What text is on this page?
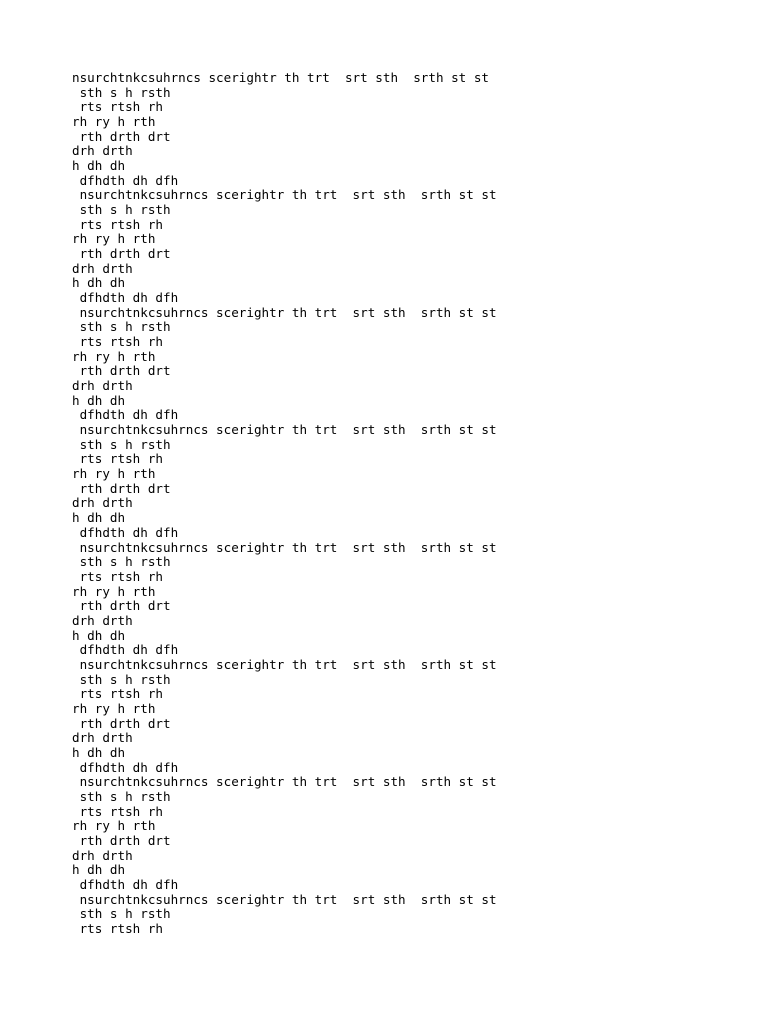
nsurchtnkcsuhrncs scerightr th trt  srt sth  srth st st
sth s h rsth
rts rtsh rh
rh ry h rth
rth drth drt
drh drth
h dh dh
dfhdth dh dfh
nsurchtnkcsuhrncs scerightr th trt  srt sth  srth st st
sth s h rsth
rts rtsh rh
rh ry h rth
rth drth drt
drh drth
h dh dh
dfhdth dh dfh
nsurchtnkcsuhrncs scerightr th trt  srt sth  srth st st
sth s h rsth
rts rtsh rh
rh ry h rth
rth drth drt
drh drth
h dh dh
dfhdth dh dfh
nsurchtnkcsuhrncs scerightr th trt  srt sth  srth st st
sth s h rsth
rts rtsh rh
rh ry h rth
rth drth drt
drh drth
h dh dh
dfhdth dh dfh
nsurchtnkcsuhrncs scerightr th trt  srt sth  srth st st
sth s h rsth
rts rtsh rh
rh ry h rth
rth drth drt
drh drth
h dh dh
dfhdth dh dfh
nsurchtnkcsuhrncs scerightr th trt  srt sth  srth st st
sth s h rsth
rts rtsh rh
rh ry h rth
rth drth drt
drh drth
h dh dh
dfhdth dh dfh
nsurchtnkcsuhrncs scerightr th trt  srt sth  srth st st
sth s h rsth
rts rtsh rh
rh ry h rth
rth drth drt
drh drth
h dh dh
dfhdth dh dfh
nsurchtnkcsuhrncs scerightr th trt  srt sth  srth st st
sth s h rsth
rts rtsh rh
